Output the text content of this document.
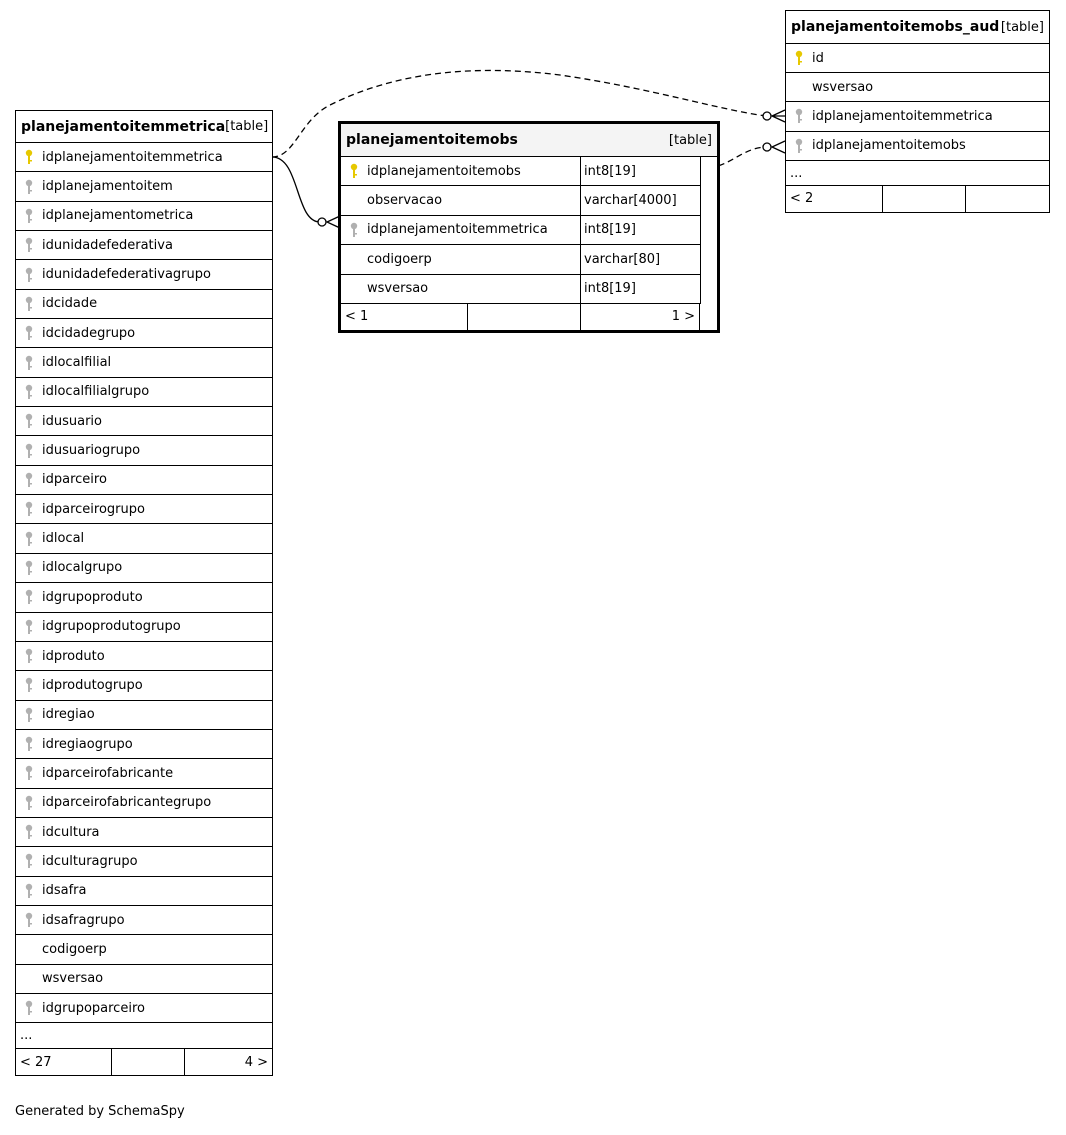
planejamentoitemmetrica [table]
idplanejamentoitemmetrica
idplanejamentoitem
idplanejamentometrica
idunidadefederativa
idunidadefederativagrupo
idcidade
idcidadegrupo
idlocalfilial
idlocalfilialgrupo
idusuario
idusuariogrupo
idparceiro
idparceirogrupo
idlocal
idlocalgrupo
idgrupoproduto
idgrupoprodutogrupo
idproduto
idprodutogrupo
idregiao
idregiaogrupo
idparceirofabricante
idparceirofabricantegrupo
idcultura
idculturagrupo
idsafra
idsafragrupo
codigoerp
wsversao
idgrupoparceiro
...
< 27	4 >
planejamentoitemobs	[table]
idplanejamentoitemobs	int8[19]
observacao	varchar[4000]
idplanejamentoitemmetrica	int8[19]
codigoerp	varchar[80]
wsversao	int8[19]
< 1	1 >
planejamentoitemobs_aud [table]
id
wsversao
idplanejamentoitemmetrica
idplanejamentoitemobs
...
< 2
Generated by SchemaSpy
